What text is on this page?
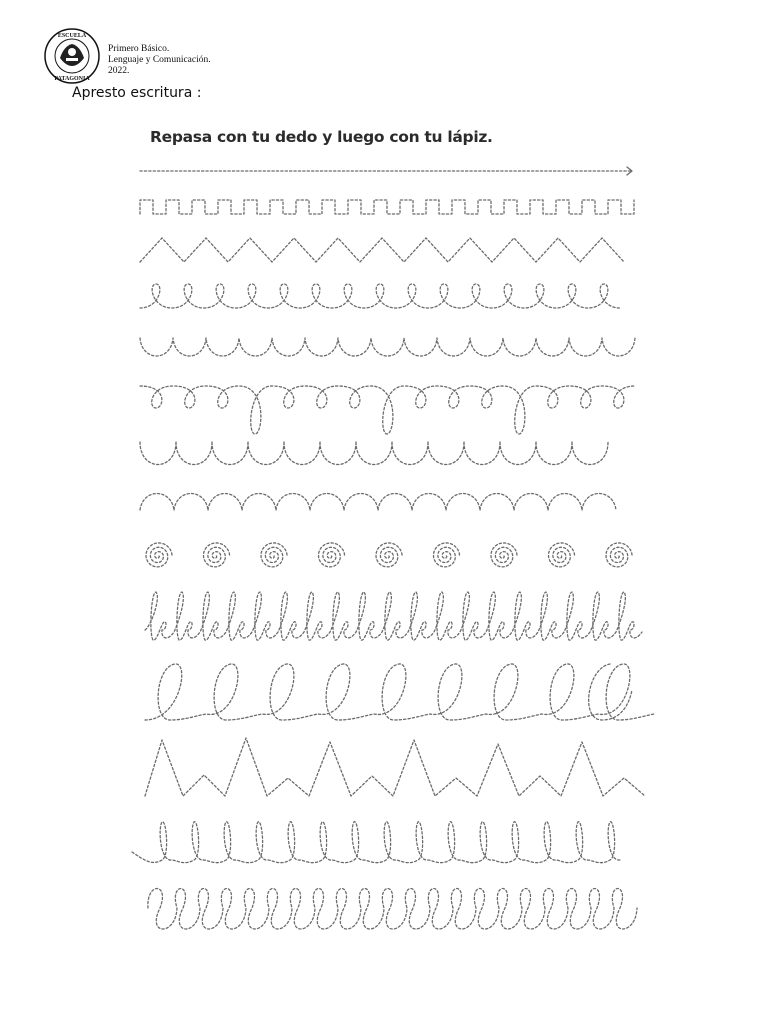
ESCUELA
PATAGONIA
Primero Básico.
Lenguaje y Comunicación.
2022.
Apresto escritura :
Repasa con tu dedo y luego con tu lápiz.
